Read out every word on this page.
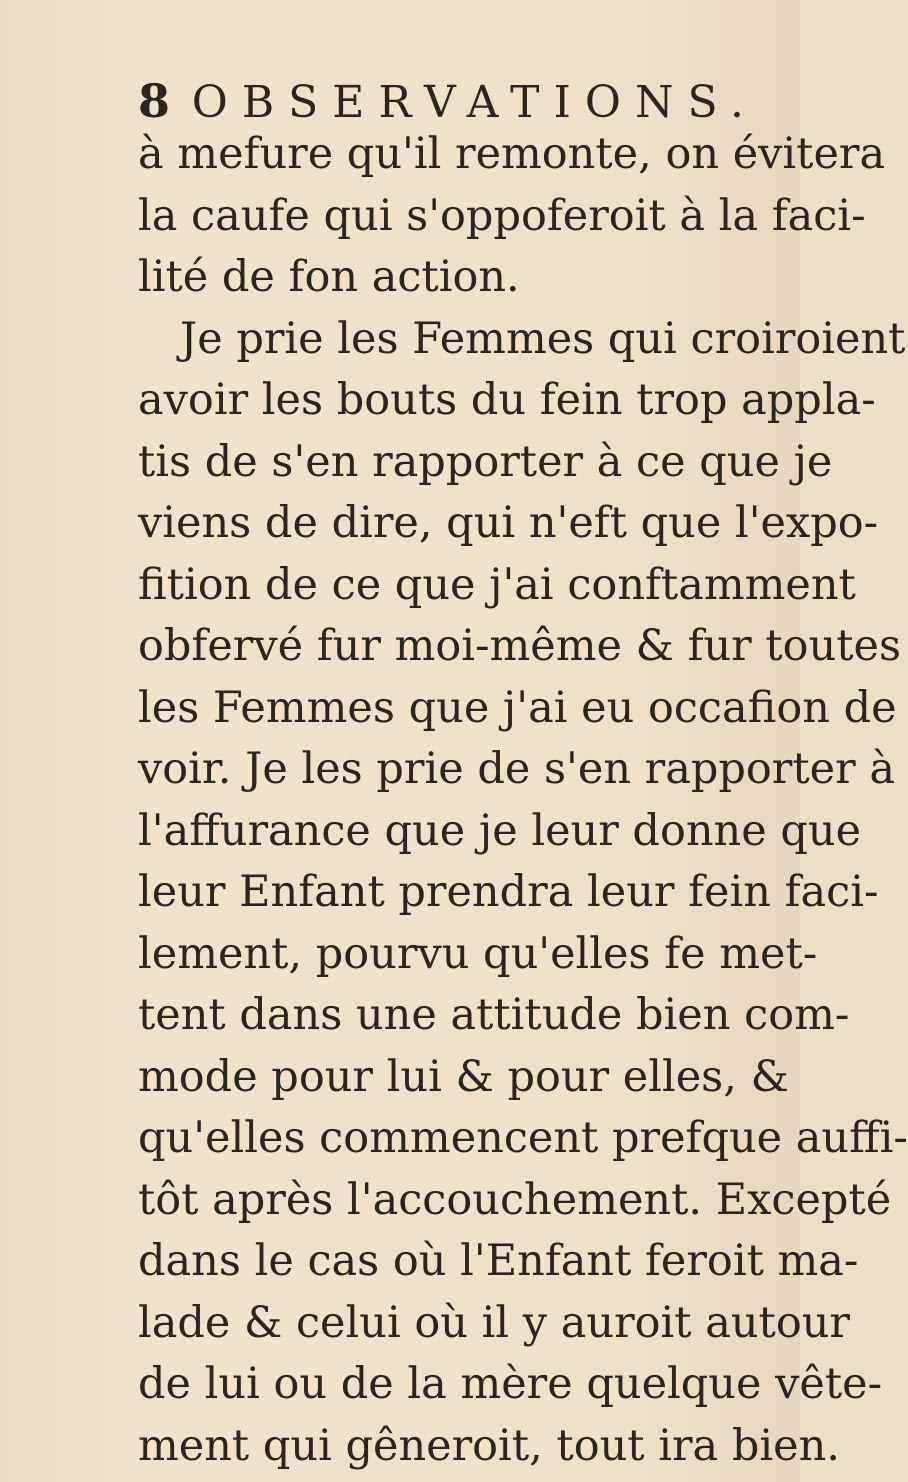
8 OBSERVATIONS.
à mefure qu'il remonte, on évitera
la caufe qui s'oppoferoit à la faci-
lité de fon action.
Je prie les Femmes qui croiroient
avoir les bouts du fein trop appla-
tis de s'en rapporter à ce que je
viens de dire, qui n'eft que l'expo-
fition de ce que j'ai conftamment
obfervé fur moi-même & fur toutes
les Femmes que j'ai eu occafion de
voir. Je les prie de s'en rapporter à
l'affurance que je leur donne que
leur Enfant prendra leur fein faci-
lement, pourvu qu'elles fe met-
tent dans une attitude bien com-
mode pour lui & pour elles, &
qu'elles commencent prefque auffi-
tôt après l'accouchement. Excepté
dans le cas où l'Enfant feroit ma-
lade & celui où il y auroit autour
de lui ou de la mère quelque vête-
ment qui gêneroit, tout ira bien.
